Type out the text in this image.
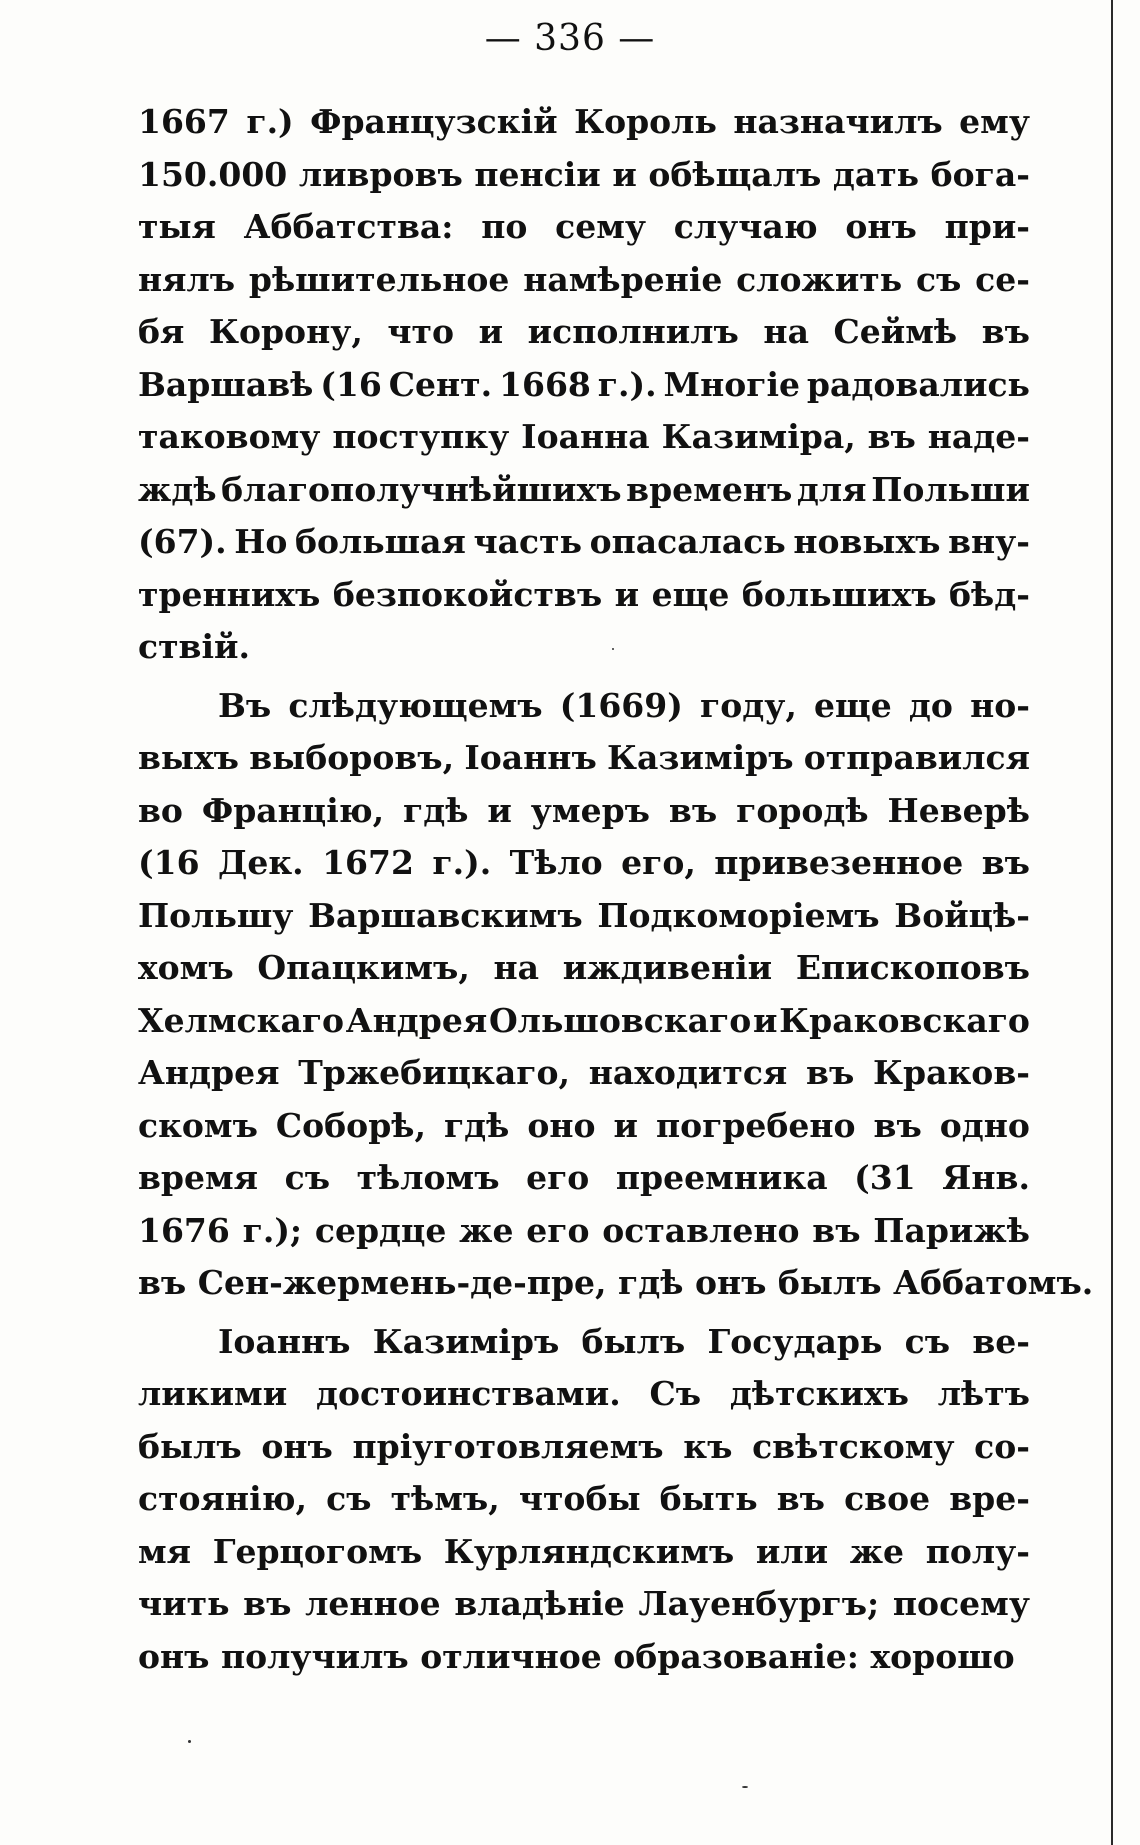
— 336 —
1667 г.) Французскій Король назначилъ ему
150.000 ливровъ пенсіи и обѣщалъ дать бога-
тыя Аббатства: по сему случаю онъ при-
нялъ рѣшительное намѣреніе сложить съ се-
бя Корону, что и исполнилъ на Сеймѣ въ
Варшавѣ (16 Сент. 1668 г.). Многіе радовались
таковому поступку Іоанна Казиміра, въ наде-
ждѣ благополучнѣйшихъ временъ для Польши
(67). Но большая часть опасалась новыхъ вну-
треннихъ безпокойствъ и еще большихъ бѣд-
ствій.
Въ слѣдующемъ (1669) году, еще до но-
выхъ выборовъ, Іоаннъ Казиміръ отправился
во Францію, гдѣ и умеръ въ городѣ Неверѣ
(16 Дек. 1672 г.). Тѣло его, привезенное въ
Польшу Варшавскимъ Подкоморіемъ Войцѣ-
хомъ Опацкимъ, на иждивеніи Епископовъ
Хелмскаго Андрея Ольшовскаго и Краковскаго
Андрея Тржебицкаго, находится въ Краков-
скомъ Соборѣ, гдѣ оно и погребено въ одно
время съ тѣломъ его преемника (31 Янв.
1676 г.); сердце же его оставлено въ Парижѣ
въ Сен-жермень-де-пре, гдѣ онъ былъ Аббатомъ.
Іоаннъ Казиміръ былъ Государь съ ве-
ликими достоинствами. Съ дѣтскихъ лѣтъ
былъ онъ пріуготовляемъ къ свѣтскому со-
стоянію, съ тѣмъ, чтобы быть въ свое вре-
мя Герцогомъ Курляндскимъ или же полу-
чить въ ленное владѣніе Лауенбургъ; посему
онъ получилъ отличное образованіе: хорошо
